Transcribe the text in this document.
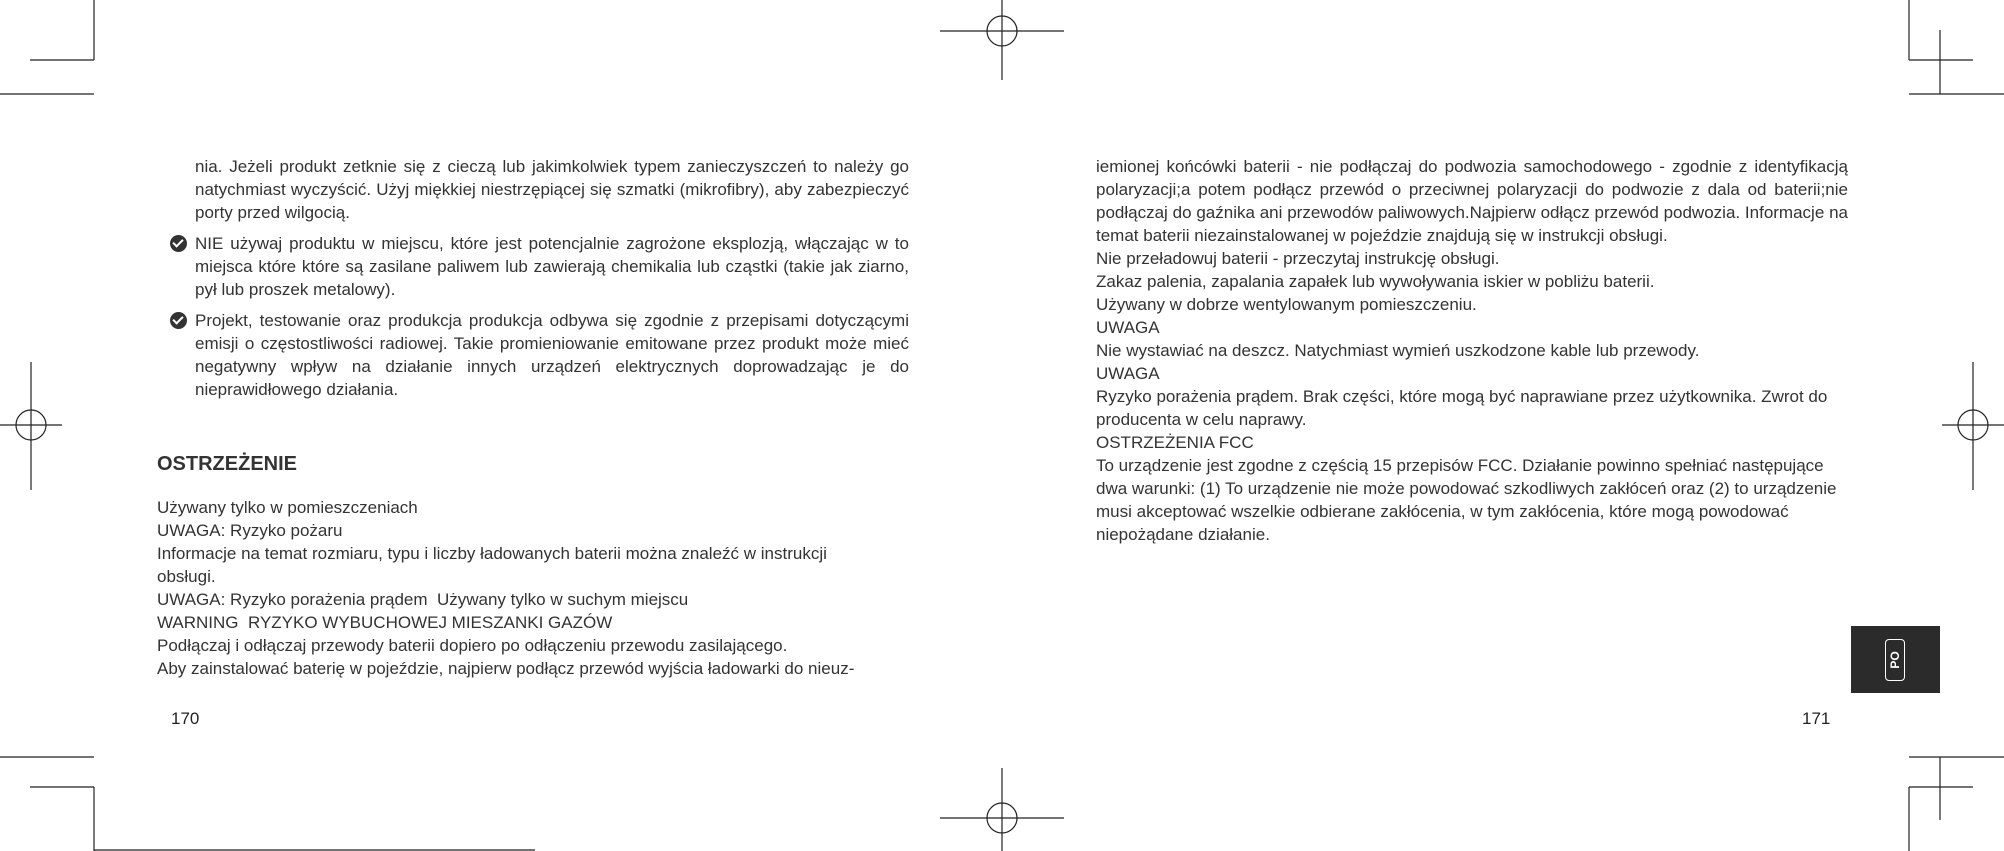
nia. Jeżeli produkt zetknie się z cieczą lub jakimkolwiek typem zanieczyszczeń to należy go natychmiast wyczyścić. Użyj miękkiej niestrzępiącej się szmatki (mikrofibry), aby zabezpieczyć porty przed wilgocią.

NIE używaj produktu w miejscu, które jest potencjalnie zagrożone eksplozją, włączając w to miejsca które które są zasilane paliwem lub zawierają chemikalia lub cząstki (takie jak ziarno, pył lub proszek metalowy).
Projekt, testowanie oraz produkcja produkcja odbywa się zgodnie z przepisami dotyczącymi emisji o częstostliwości radiowej. Takie promieniowanie emitowane przez produkt może mieć negatywny wpływ na działanie innych urządzeń elektrycznych doprowadzając je do nieprawidłowego działania.
OSTRZEŻENIE

Używany tylko w pomieszczeniach

UWAGA: Ryzyko pożaru

Informacje na temat rozmiaru, typu i liczby ładowanych baterii można znaleźć w instrukcji obsługi.

UWAGA: Ryzyko porażenia prądem  Używany tylko w suchym miejscu

WARNING  RYZYKO WYBUCHOWEJ MIESZANKI GAZÓW

Podłączaj i odłączaj przewody baterii dopiero po odłączeniu przewodu zasilającego.

Aby zainstalować baterię w pojeździe, najpierw podłącz przewód wyjścia ładowarki do nieuz-

170

iemionej końcówki baterii - nie podłączaj do podwozia samochodowego - zgodnie z identyfikacją polaryzacji;a potem podłącz przewód o przeciwnej polaryzacji do podwozie z dala od baterii;nie podłączaj do gaźnika ani przewodów paliwowych.Najpierw odłącz przewód podwozia. Informacje na temat baterii niezainstalowanej w pojeździe znajdują się w instrukcji obsługi.

Nie przeładowuj baterii - przeczytaj instrukcję obsługi.

Zakaz palenia, zapalania zapałek lub wywoływania iskier w pobliżu baterii.

Używany w dobrze wentylowanym pomieszczeniu.

UWAGA

Nie wystawiać na deszcz. Natychmiast wymień uszkodzone kable lub przewody.

UWAGA

Ryzyko porażenia prądem. Brak części, które mogą być naprawiane przez użytkownika. Zwrot do producenta w celu naprawy.

OSTRZEŻENIA FCC

To urządzenie jest zgodne z częścią 15 przepisów FCC. Działanie powinno spełniać następujące dwa warunki: (1) To urządzenie nie może powodować szkodliwych zakłóceń oraz (2) to urządzenie musi akceptować wszelkie odbierane zakłócenia, w tym zakłócenia, które mogą powodować niepożądane działanie.

171
PO
